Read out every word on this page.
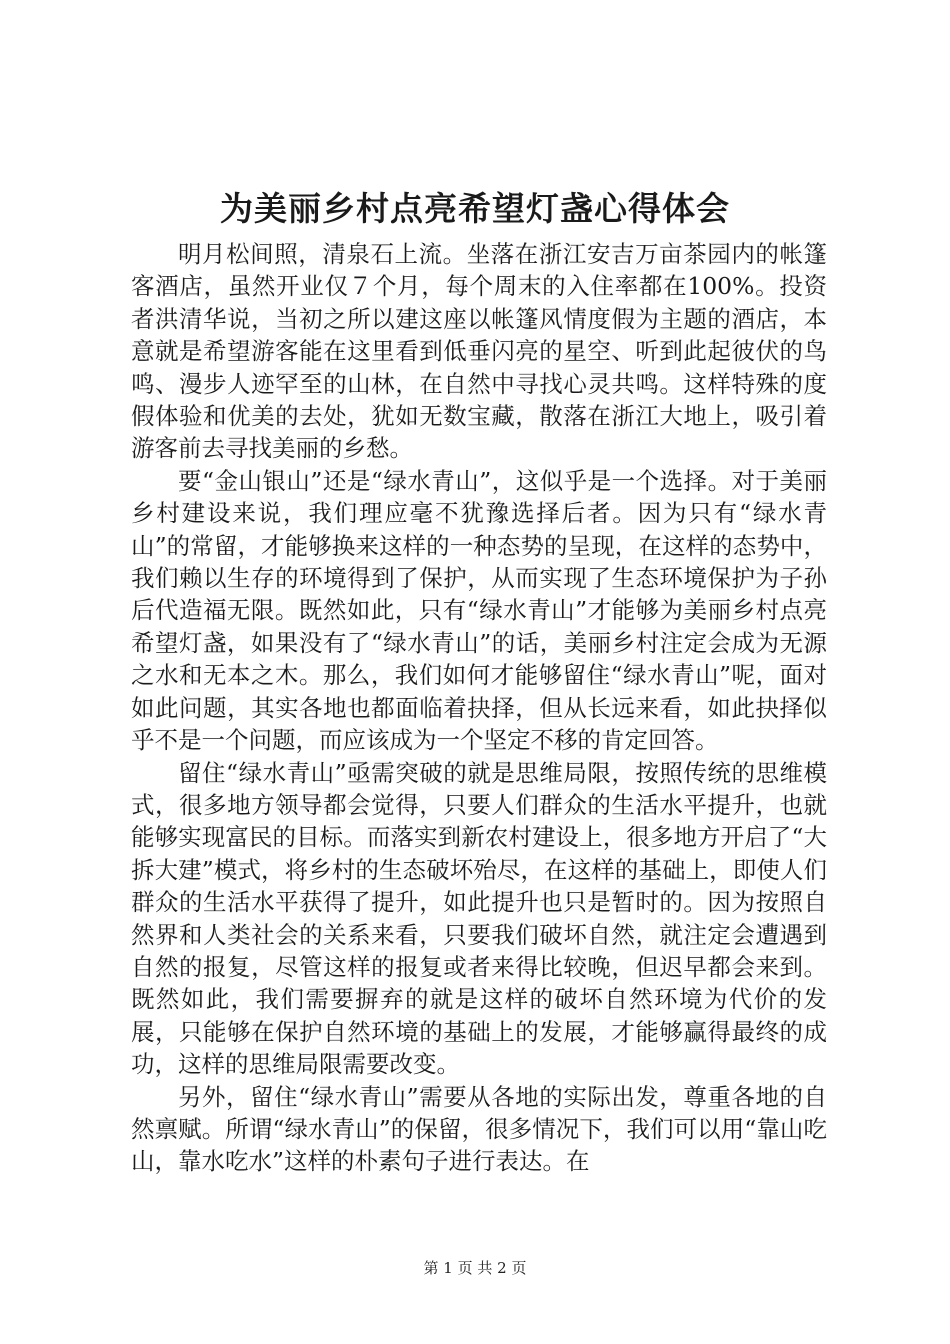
为美丽乡村点亮希望灯盏心得体会

明月松间照，清泉石上流。坐落在浙江安吉万亩茶园内的帐篷客酒店，虽然开业仅７个月，每个周末的入住率都在100%。投资者洪清华说，当初之所以建这座以帐篷风情度假为主题的酒店，本意就是希望游客能在这里看到低垂闪亮的星空、听到此起彼伏的鸟鸣、漫步人迹罕至的山林，在自然中寻找心灵共鸣。这样特殊的度假体验和优美的去处，犹如无数宝藏，散落在浙江大地上，吸引着游客前去寻找美丽的乡愁。

要“金山银山”还是“绿水青山”，这似乎是一个选择。对于美丽乡村建设来说，我们理应毫不犹豫选择后者。因为只有“绿水青山”的常留，才能够换来这样的一种态势的呈现，在这样的态势中，我们赖以生存的环境得到了保护，从而实现了生态环境保护为子孙后代造福无限。既然如此，只有“绿水青山”才能够为美丽乡村点亮希望灯盏，如果没有了“绿水青山”的话，美丽乡村注定会成为无源之水和无本之木。那么，我们如何才能够留住“绿水青山”呢，面对如此问题，其实各地也都面临着抉择，但从长远来看，如此抉择似乎不是一个问题，而应该成为一个坚定不移的肯定回答。

留住“绿水青山”亟需突破的就是思维局限，按照传统的思维模式，很多地方领导都会觉得，只要人们群众的生活水平提升，也就能够实现富民的目标。而落实到新农村建设上，很多地方开启了“大拆大建”模式，将乡村的生态破坏殆尽，在这样的基础上，即使人们群众的生活水平获得了提升，如此提升也只是暂时的。因为按照自然界和人类社会的关系来看，只要我们破坏自然，就注定会遭遇到自然的报复，尽管这样的报复或者来得比较晚，但迟早都会来到。既然如此，我们需要摒弃的就是这样的破坏自然环境为代价的发展，只能够在保护自然环境的基础上的发展，才能够赢得最终的成功，这样的思维局限需要改变。

另外，留住“绿水青山”需要从各地的实际出发，尊重各地的自然禀赋。所谓“绿水青山”的保留，很多情况下，我们可以用“靠山吃山，靠水吃水”这样的朴素句子进行表达。在

第 1 页 共 2 页
